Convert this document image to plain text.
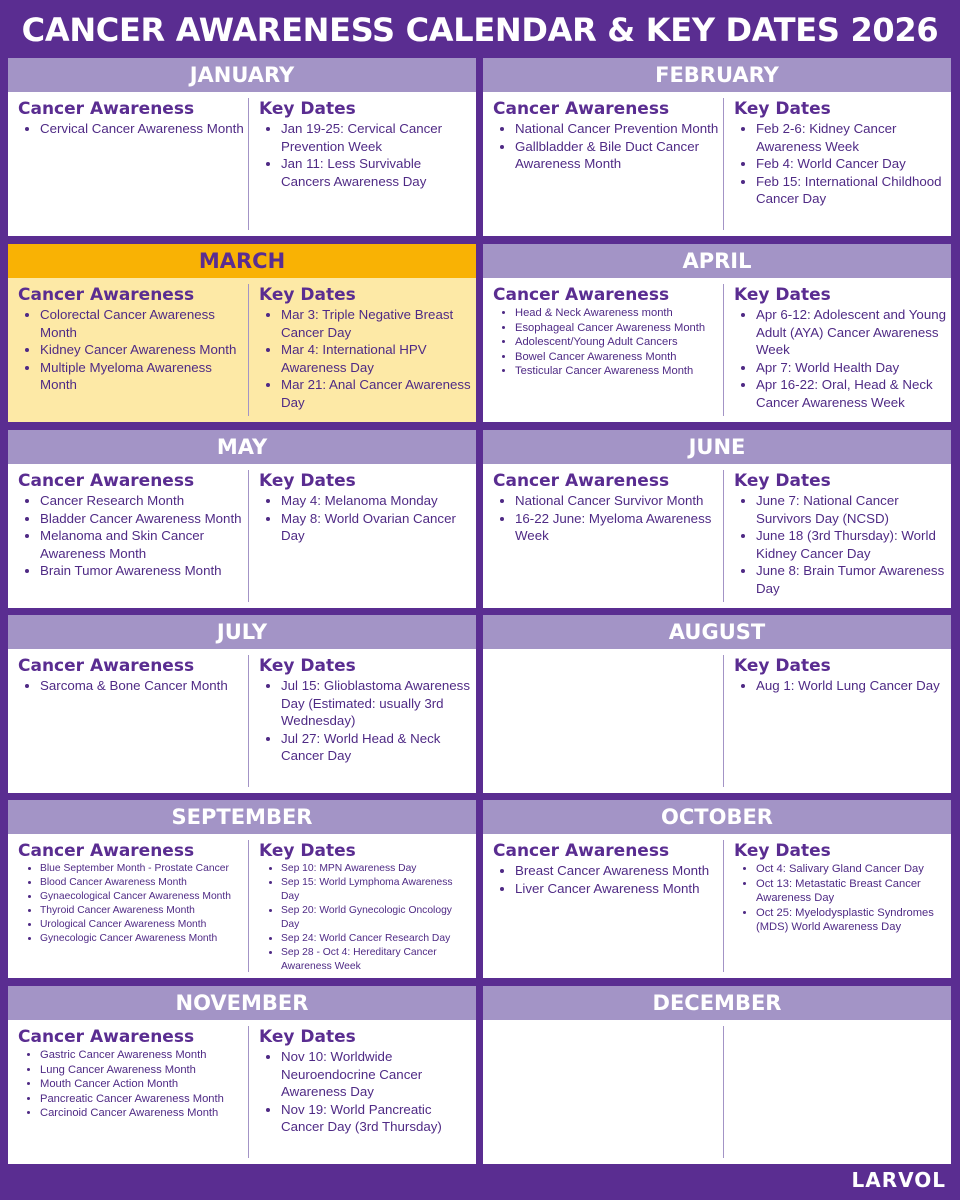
CANCER AWARENESS CALENDAR & KEY DATES 2026
JANUARY
Cancer Awareness
• Cervical Cancer Awareness Month
Key Dates
• Jan 19-25: Cervical Cancer Prevention Week
• Jan 11: Less Survivable Cancers Awareness Day
FEBRUARY
Cancer Awareness
• National Cancer Prevention Month
• Gallbladder & Bile Duct Cancer Awareness Month
Key Dates
• Feb 2-6: Kidney Cancer Awareness Week
• Feb 4: World Cancer Day
• Feb 15: International Childhood Cancer Day
MARCH
Cancer Awareness
• Colorectal Cancer Awareness Month
• Kidney Cancer Awareness Month
• Multiple Myeloma Awareness Month
Key Dates
• Mar 3: Triple Negative Breast Cancer Day
• Mar 4: International HPV Awareness Day
• Mar 21: Anal Cancer Awareness Day
APRIL
Cancer Awareness
• Head & Neck Awareness month
• Esophageal Cancer Awareness Month
• Adolescent/Young Adult Cancers
• Bowel Cancer Awareness Month
• Testicular Cancer Awareness Month
Key Dates
• Apr 6-12: Adolescent and Young Adult (AYA) Cancer Awareness Week
• Apr 7: World Health Day
• Apr 16-22: Oral, Head & Neck Cancer Awareness Week
MAY
Cancer Awareness
• Cancer Research Month
• Bladder Cancer Awareness Month
• Melanoma and Skin Cancer Awareness Month
• Brain Tumor Awareness Month
Key Dates
• May 4: Melanoma Monday
• May 8: World Ovarian Cancer Day
JUNE
Cancer Awareness
• National Cancer Survivor Month
• 16-22 June: Myeloma Awareness Week
Key Dates
• June 7: National Cancer Survivors Day (NCSD)
• June 18 (3rd Thursday): World Kidney Cancer Day
• June 8: Brain Tumor Awareness Day
JULY
Cancer Awareness
• Sarcoma & Bone Cancer Month
Key Dates
• Jul 15: Glioblastoma Awareness Day (Estimated: usually 3rd Wednesday)
• Jul 27: World Head & Neck Cancer Day
AUGUST
Key Dates
• Aug 1: World Lung Cancer Day
SEPTEMBER
Cancer Awareness
• Blue September Month - Prostate Cancer
• Blood Cancer Awareness Month
• Gynaecological Cancer Awareness Month
• Thyroid Cancer Awareness Month
• Urological Cancer Awareness Month
• Gynecologic Cancer Awareness Month
Key Dates
• Sep 10: MPN Awareness Day
• Sep 15: World Lymphoma Awareness Day
• Sep 20: World Gynecologic Oncology Day
• Sep 24: World Cancer Research Day
• Sep 28 - Oct 4: Hereditary Cancer Awareness Week
OCTOBER
Cancer Awareness
• Breast Cancer Awareness Month
• Liver Cancer Awareness Month
Key Dates
• Oct 4: Salivary Gland Cancer Day
• Oct 13: Metastatic Breast Cancer Awareness Day
• Oct 25: Myelodysplastic Syndromes (MDS) World Awareness Day
NOVEMBER
Cancer Awareness
• Gastric Cancer Awareness Month
• Lung Cancer Awareness Month
• Mouth Cancer Action Month
• Pancreatic Cancer Awareness Month
• Carcinoid Cancer Awareness Month
Key Dates
• Nov 10: Worldwide Neuroendocrine Cancer Awareness Day
• Nov 19: World Pancreatic Cancer Day (3rd Thursday)
DECEMBER
LARVOL
